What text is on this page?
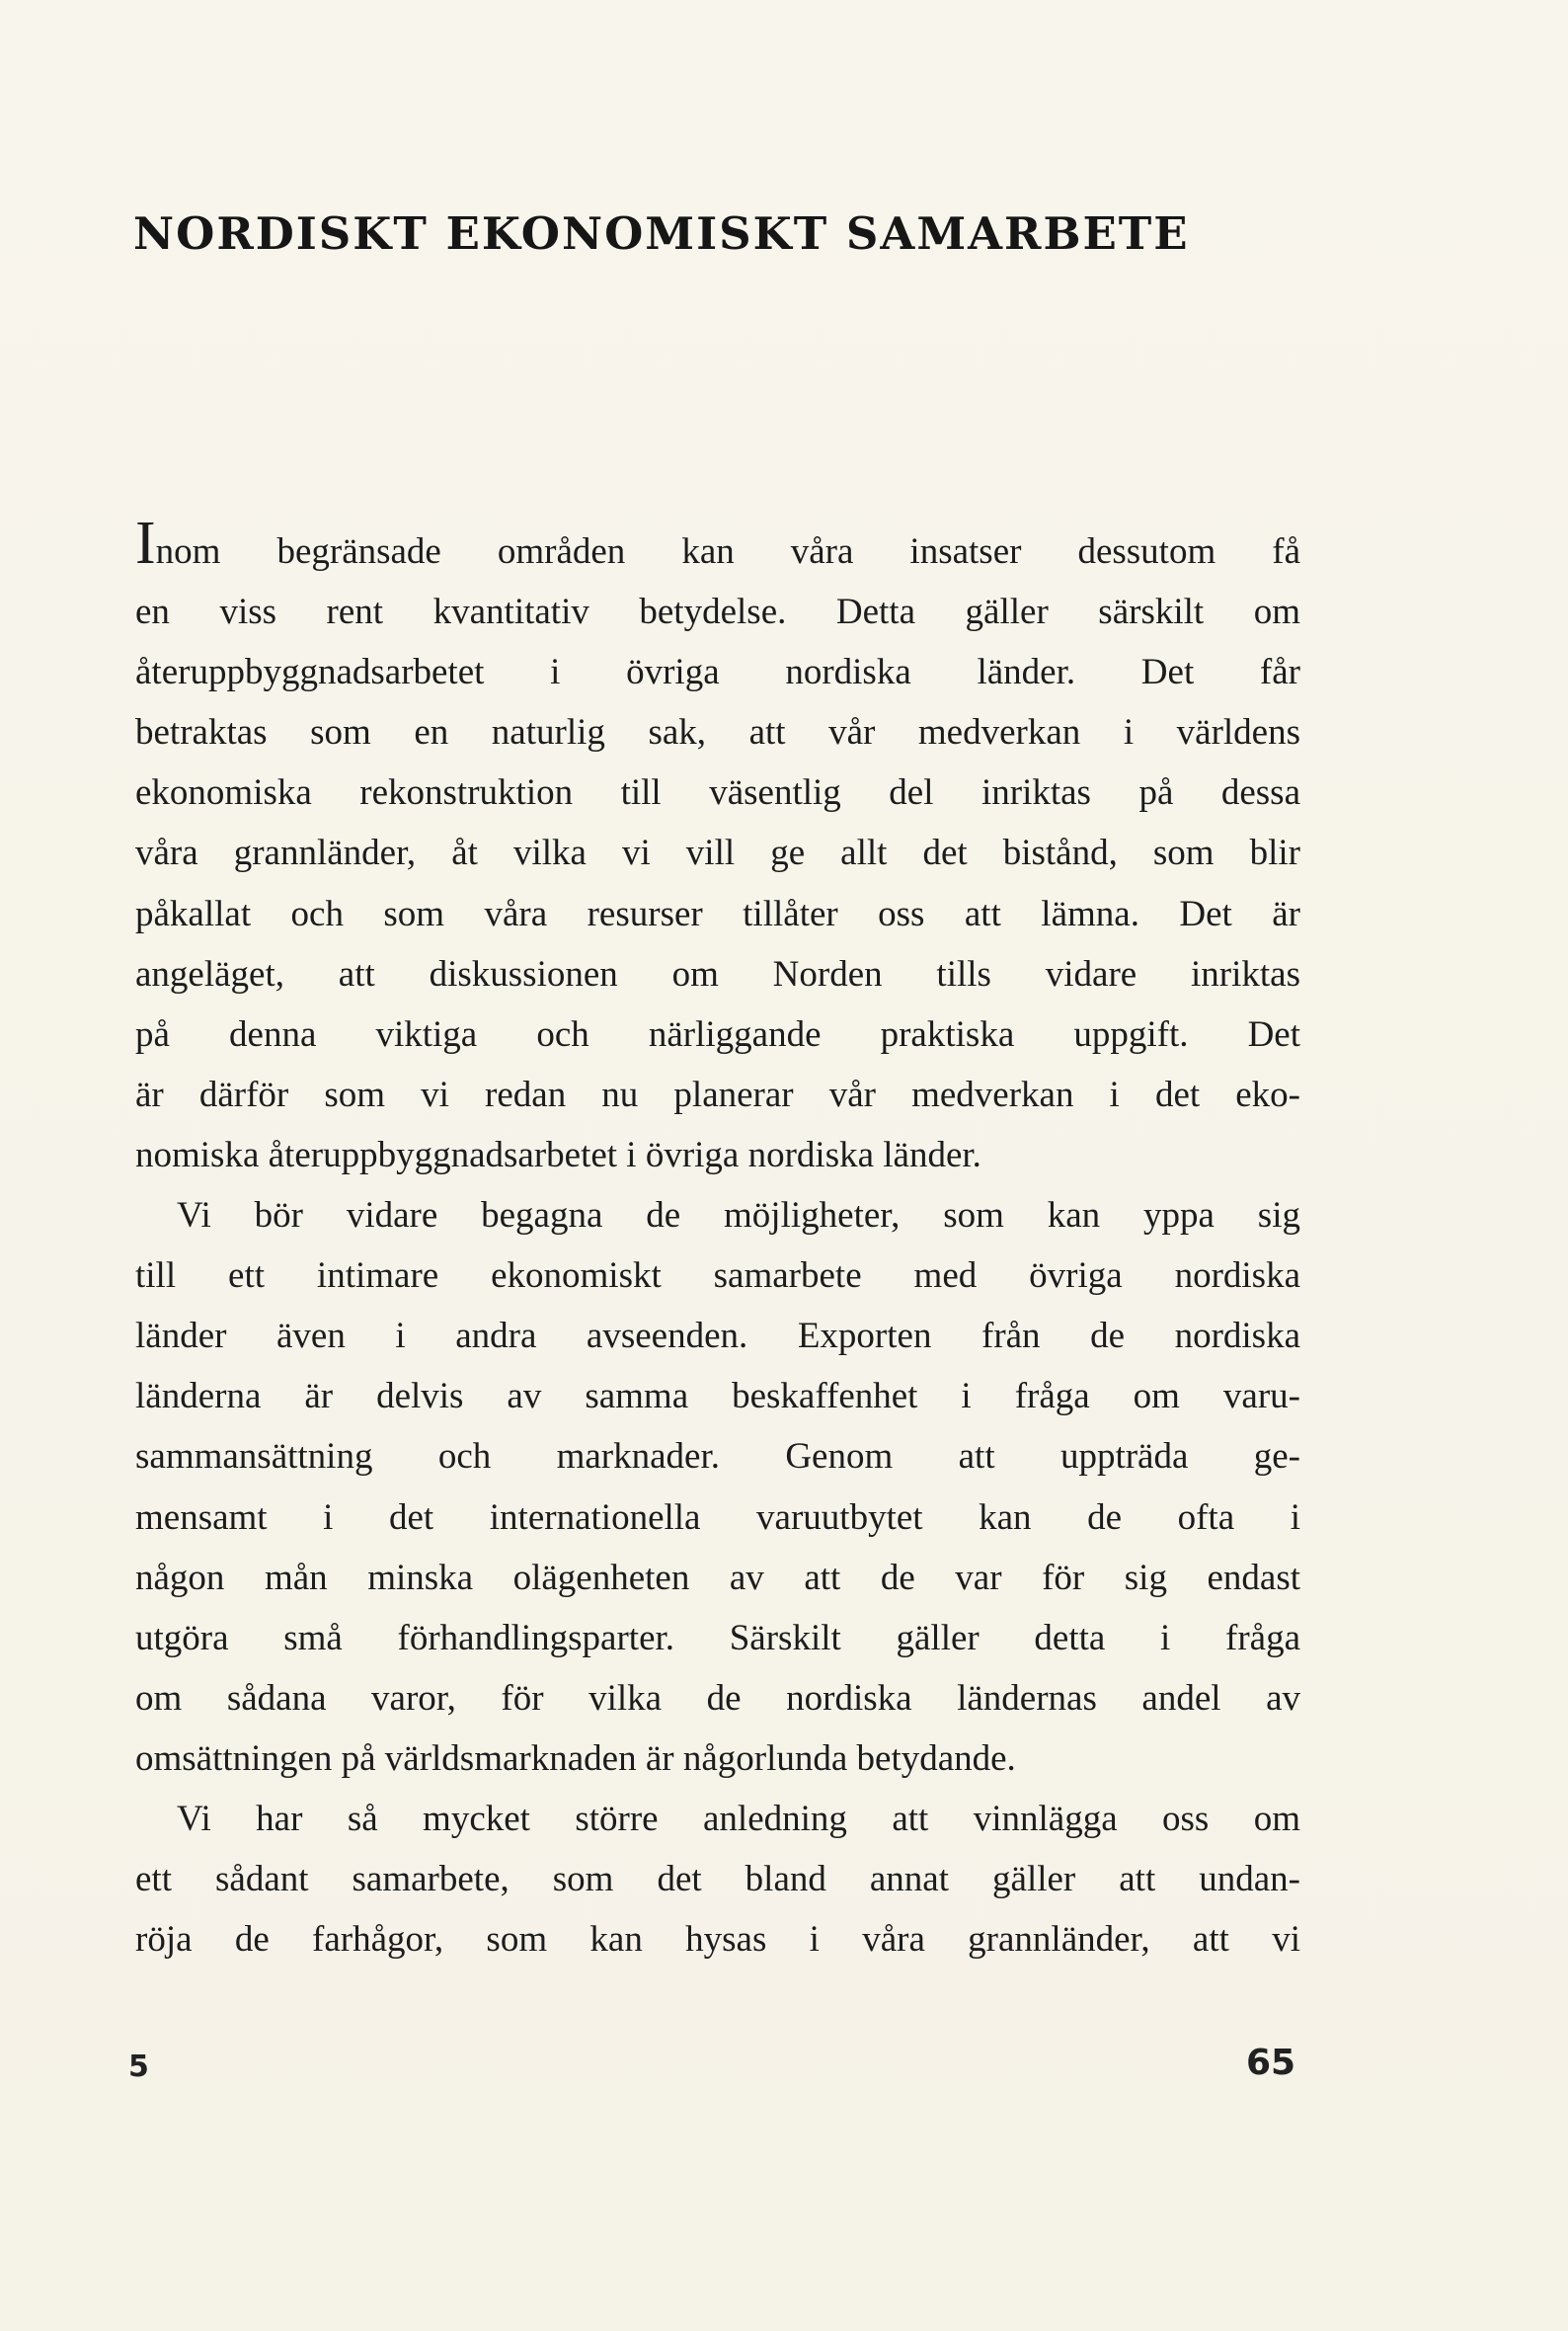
NORDISKT EKONOMISKT SAMARBETE
Inom begränsade områden kan våra insatser dessutom få
en viss rent kvantitativ betydelse. Detta gäller särskilt om
återuppbyggnadsarbetet i övriga nordiska länder. Det får
betraktas som en naturlig sak, att vår medverkan i världens
ekonomiska rekonstruktion till väsentlig del inriktas på dessa
våra grannländer, åt vilka vi vill ge allt det bistånd, som blir
påkallat och som våra resurser tillåter oss att lämna. Det är
angeläget, att diskussionen om Norden tills vidare inriktas
på denna viktiga och närliggande praktiska uppgift. Det
är därför som vi redan nu planerar vår medverkan i det eko-
nomiska återuppbyggnadsarbetet i övriga nordiska länder.
Vi bör vidare begagna de möjligheter, som kan yppa sig
till ett intimare ekonomiskt samarbete med övriga nordiska
länder även i andra avseenden. Exporten från de nordiska
länderna är delvis av samma beskaffenhet i fråga om varu-
sammansättning och marknader. Genom att uppträda ge-
mensamt i det internationella varuutbytet kan de ofta i
någon mån minska olägenheten av att de var för sig endast
utgöra små förhandlingsparter. Särskilt gäller detta i fråga
om sådana varor, för vilka de nordiska ländernas andel av
omsättningen på världsmarknaden är någorlunda betydande.
Vi har så mycket större anledning att vinnlägga oss om
ett sådant samarbete, som det bland annat gäller att undan-
röja de farhågor, som kan hysas i våra grannländer, att vi
5	65
